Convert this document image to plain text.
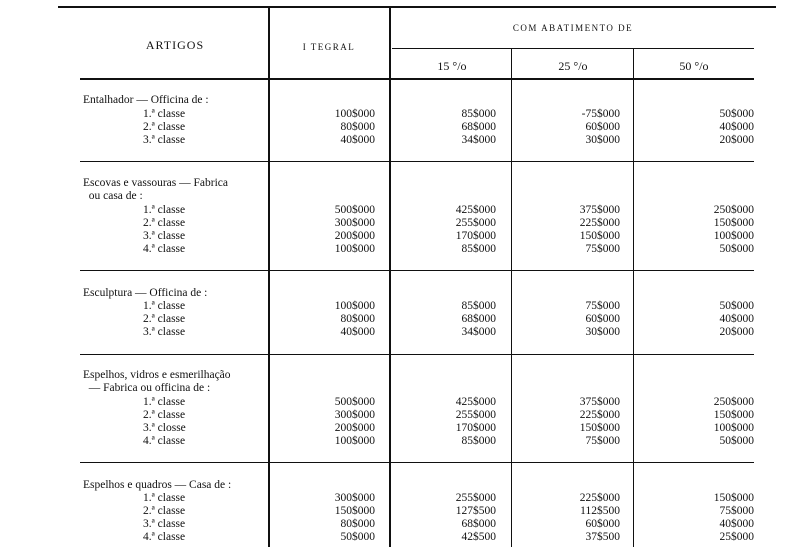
ARTIGOS	I TEGRAL
COM ABATIMENTO DE
15 °/o	25 °/o	50 °/o
Entalhador — Officina de :
1.ª classe	100$000	85$000	-75$000	50$000
2.ª classe	80$000	68$000	60$000	40$000
3.ª classe	40$000	34$000	30$000	20$000
Escovas e vassouras — Fabrica
ou casa de :
1.ª classe	500$000	425$000	375$000	250$000
2.ª classe	300$000	255$000	225$000	150$000
3.ª classe	200$000	170$000	150$000	100$000
4.ª classe	100$000	85$000	75$000	50$000
Esculptura — Officina de :
1.ª classe	100$000	85$000	75$000	50$000
2.ª classe	80$000	68$000	60$000	40$000
3.ª classe	40$000	34$000	30$000	20$000
Espelhos, vidros e esmerilhação
— Fabrica ou officina de :
1.ª classe	500$000	425$000	375$000	250$000
2.ª classe	300$000	255$000	225$000	150$000
3.ª closse	200$000	170$000	150$000	100$000
4.ª classe	100$000	85$000	75$000	50$000
Espelhos e quadros — Casa de :
1.ª classe	300$000	255$000	225$000	150$000
2.ª classe	150$000	127$500	112$500	75$000
3.ª classe	80$000	68$000	60$000	40$000
4.ª classe	50$000	42$500	37$500	25$000
